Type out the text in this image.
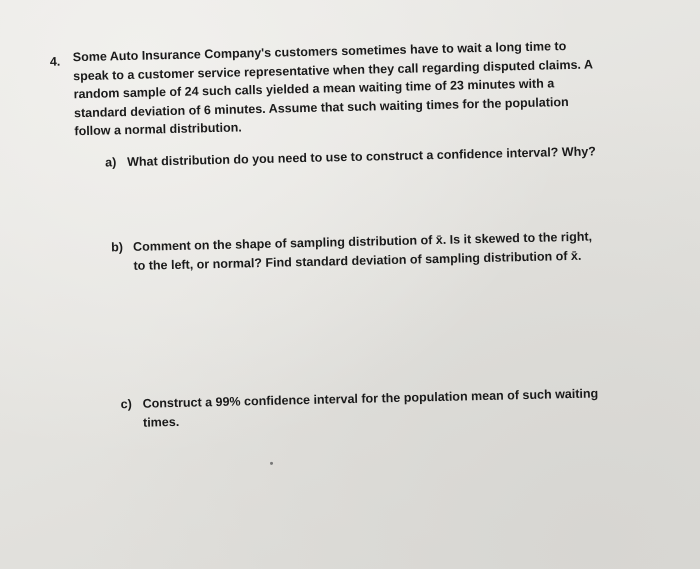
4. Some Auto Insurance Company's customers sometimes have to wait a long time to speak to a customer service representative when they call regarding disputed claims. A random sample of 24 such calls yielded a mean waiting time of 23 minutes with a standard deviation of 6 minutes. Assume that such waiting times for the population follow a normal distribution.
a) What distribution do you need to use to construct a confidence interval? Why?
b) Comment on the shape of sampling distribution of x̄. Is it skewed to the right, to the left, or normal? Find standard deviation of sampling distribution of x̄.
c) Construct a 99% confidence interval for the population mean of such waiting times.
